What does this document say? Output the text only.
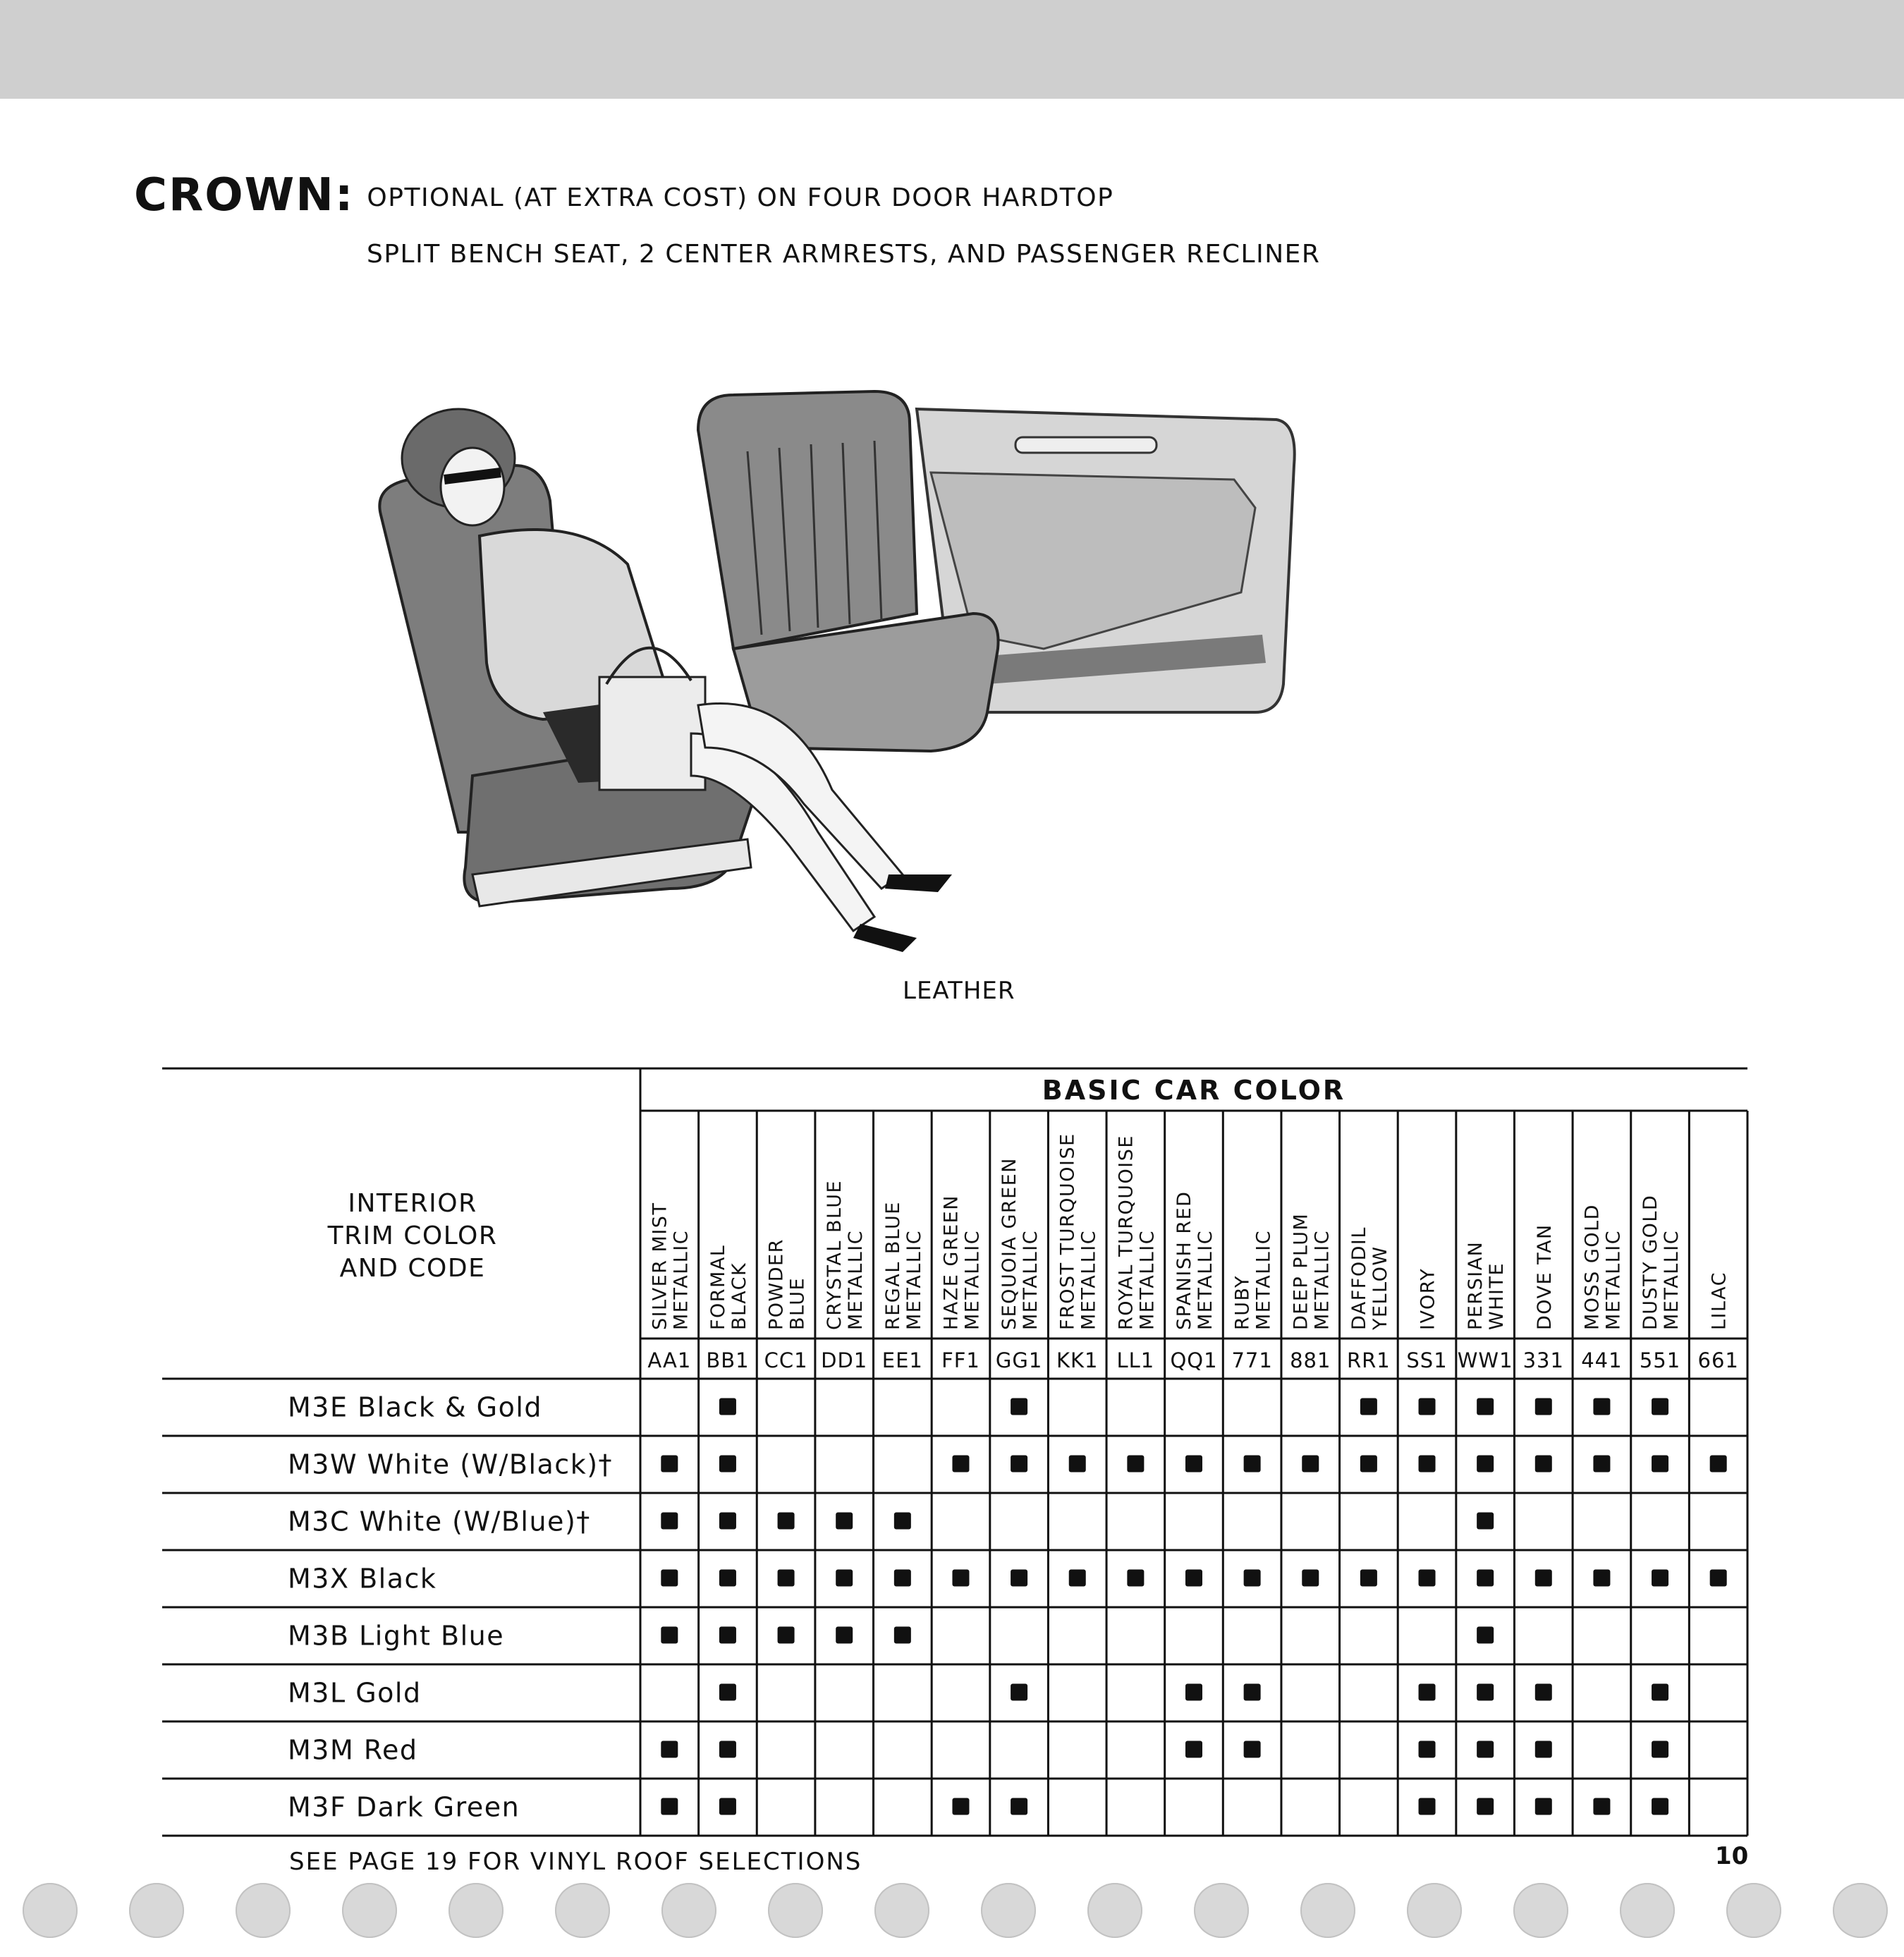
CROWN: OPTIONAL (AT EXTRA COST) ON FOUR DOOR HARDTOP
SPLIT BENCH SEAT, 2 CENTER ARMRESTS, AND PASSENGER RECLINER
LEATHER
BASIC CAR COLOR
INTERIOR
TRIM COLOR
AND CODE	SILVER MIST METALLIC
AA1
FORMAL BLACK
BB1
POWDER BLUE
CC1
CRYSTAL BLUE METALLIC
DD1
REGAL BLUE METALLIC
EE1
HAZE GREEN METALLIC
FF1
SEQUOIA GREEN METALLIC
GG1
FROST TURQUOISE METALLIC
KK1
ROYAL TURQUOISE METALLIC
LL1
SPANISH RED METALLIC
QQ1
RUBY METALLIC
771
DEEP PLUM METALLIC
881
DAFFODIL YELLOW
RR1
IVORY
SS1
PERSIAN WHITE
WW1
DOVE TAN
331
MOSS GOLD METALLIC
441
DUSTY GOLD METALLIC
551
LILAC
661
M3E Black & Gold
M3W White (W/Black)†
M3C White (W/Blue)†
M3X Black
M3B Light Blue
M3L Gold
M3M Red
M3F Dark Green
SEE PAGE 19 FOR VINYL ROOF SELECTIONS	10
